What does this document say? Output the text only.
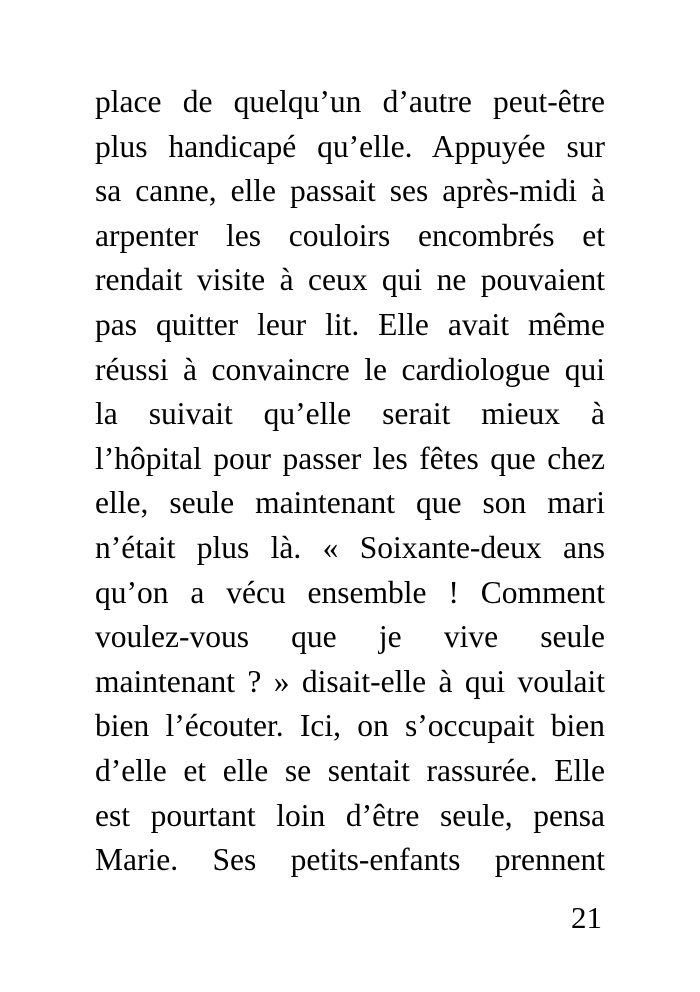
place de quelqu’un d’autre peut-être
plus handicapé qu’elle. Appuyée sur
sa canne, elle passait ses après-midi à
arpenter les couloirs encombrés et
rendait visite à ceux qui ne pouvaient
pas quitter leur lit. Elle avait même
réussi à convaincre le cardiologue qui
la suivait qu’elle serait mieux à
l’hôpital pour passer les fêtes que chez
elle, seule maintenant que son mari
n’était plus là. « Soixante-deux ans
qu’on a vécu ensemble ! Comment
voulez-vous que je vive seule
maintenant ? » disait-elle à qui voulait
bien l’écouter. Ici, on s’occupait bien
d’elle et elle se sentait rassurée. Elle
est pourtant loin d’être seule, pensa
Marie. Ses petits-enfants prennent
21
